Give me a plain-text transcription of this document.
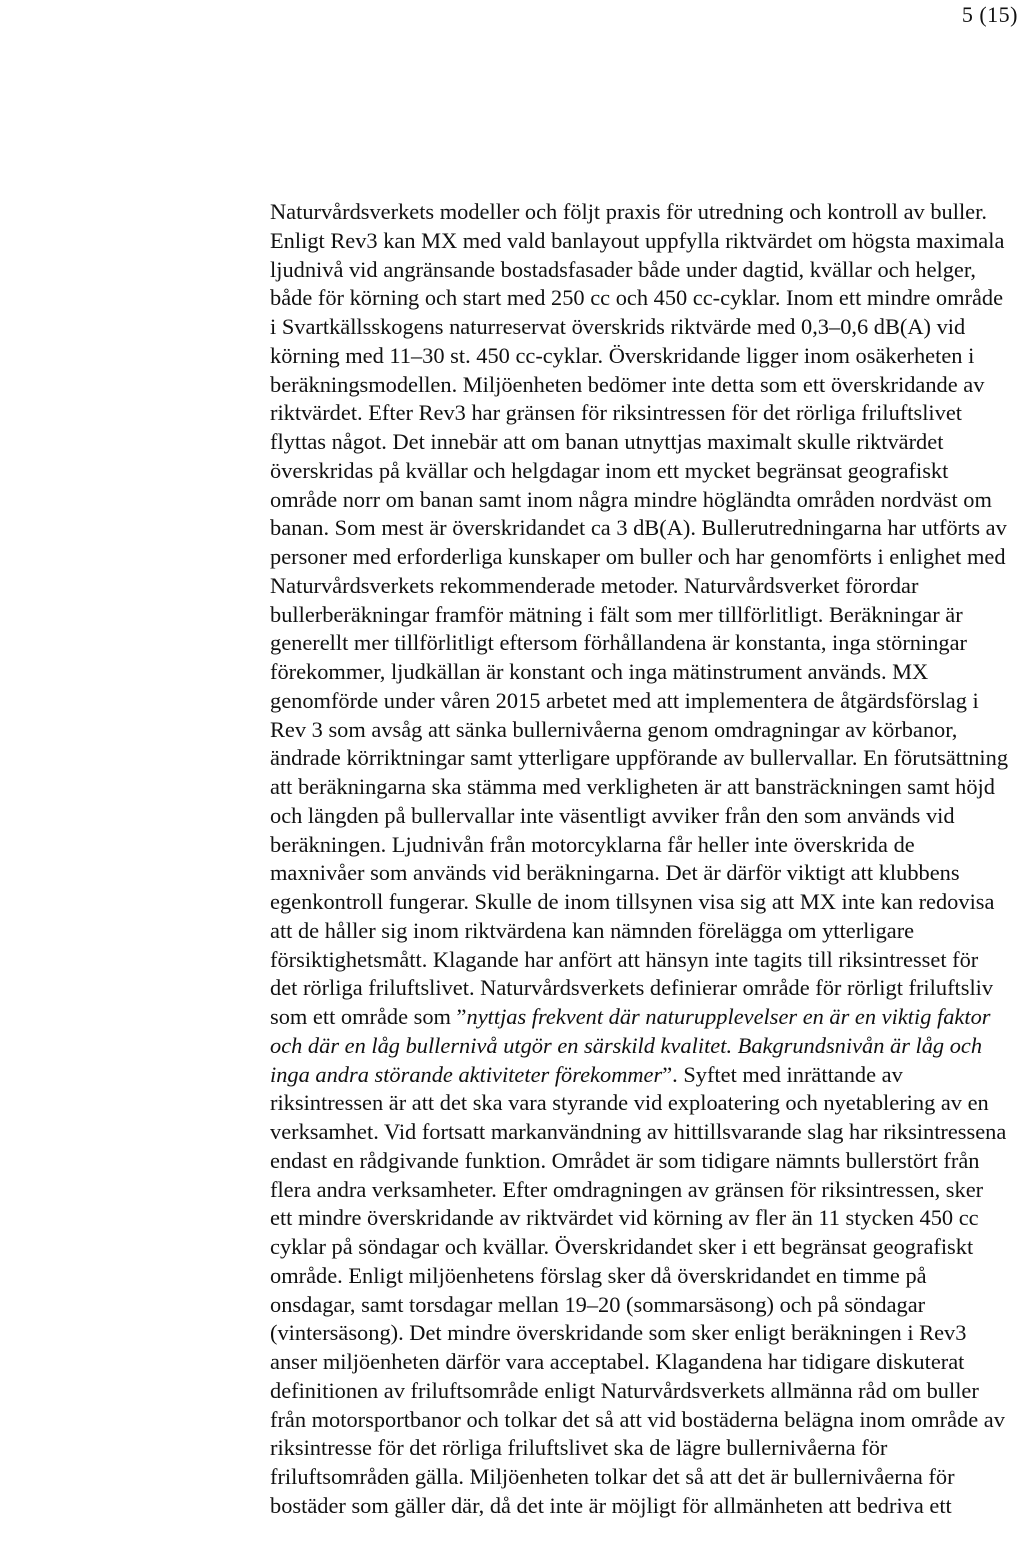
5 (15)
Naturvårdsverkets modeller och följt praxis för utredning och kontroll av buller.
Enligt Rev3 kan MX med vald banlayout uppfylla riktvärdet om högsta maximala
ljudnivå vid angränsande bostadsfasader både under dagtid, kvällar och helger,
både för körning och start med 250 cc och 450 cc-cyklar. Inom ett mindre område
i Svartkällsskogens naturreservat överskrids riktvärde med 0,3–0,6 dB(A) vid
körning med 11–30 st. 450 cc-cyklar. Överskridande ligger inom osäkerheten i
beräkningsmodellen. Miljöenheten bedömer inte detta som ett överskridande av
riktvärdet. Efter Rev3 har gränsen för riksintressen för det rörliga friluftslivet
flyttas något. Det innebär att om banan utnyttjas maximalt skulle riktvärdet
överskridas på kvällar och helgdagar inom ett mycket begränsat geografiskt
område norr om banan samt inom några mindre högländta områden nordväst om
banan. Som mest är överskridandet ca 3 dB(A). Bullerutredningarna har utförts av
personer med erforderliga kunskaper om buller och har genomförts i enlighet med
Naturvårdsverkets rekommenderade metoder. Naturvårdsverket förordar
bullerberäkningar framför mätning i fält som mer tillförlitligt. Beräkningar är
generellt mer tillförlitligt eftersom förhållandena är konstanta, inga störningar
förekommer, ljudkällan är konstant och inga mätinstrument används. MX
genomförde under våren 2015 arbetet med att implementera de åtgärdsförslag i
Rev 3 som avsåg att sänka bullernivåerna genom omdragningar av körbanor,
ändrade körriktningar samt ytterligare uppförande av bullervallar. En förutsättning
att beräkningarna ska stämma med verkligheten är att bansträckningen samt höjd
och längden på bullervallar inte väsentligt avviker från den som används vid
beräkningen. Ljudnivån från motorcyklarna får heller inte överskrida de
maxnivåer som används vid beräkningarna. Det är därför viktigt att klubbens
egenkontroll fungerar. Skulle de inom tillsynen visa sig att MX inte kan redovisa
att de håller sig inom riktvärdena kan nämnden förelägga om ytterligare
försiktighetsmått. Klagande har anfört att hänsyn inte tagits till riksintresset för
det rörliga friluftslivet. Naturvårdsverkets definierar område för rörligt friluftsliv
som ett område som ”nyttjas frekvent där naturupplevelser en är en viktig faktor
och där en låg bullernivå utgör en särskild kvalitet. Bakgrundsnivån är låg och
inga andra störande aktiviteter förekommer”. Syftet med inrättande av
riksintressen är att det ska vara styrande vid exploatering och nyetablering av en
verksamhet. Vid fortsatt markanvändning av hittillsvarande slag har riksintressena
endast en rådgivande funktion. Området är som tidigare nämnts bullerstört från
flera andra verksamheter. Efter omdragningen av gränsen för riksintressen, sker
ett mindre överskridande av riktvärdet vid körning av fler än 11 stycken 450 cc
cyklar på söndagar och kvällar. Överskridandet sker i ett begränsat geografiskt
område. Enligt miljöenhetens förslag sker då överskridandet en timme på
onsdagar, samt torsdagar mellan 19–20 (sommarsäsong) och på söndagar
(vintersäsong). Det mindre överskridande som sker enligt beräkningen i Rev3
anser miljöenheten därför vara acceptabel. Klagandena har tidigare diskuterat
definitionen av friluftsområde enligt Naturvårdsverkets allmänna råd om buller
från motorsportbanor och tolkar det så att vid bostäderna belägna inom område av
riksintresse för det rörliga friluftslivet ska de lägre bullernivåerna för
friluftsområden gälla. Miljöenheten tolkar det så att det är bullernivåerna för
bostäder som gäller där, då det inte är möjligt för allmänheten att bedriva ett
